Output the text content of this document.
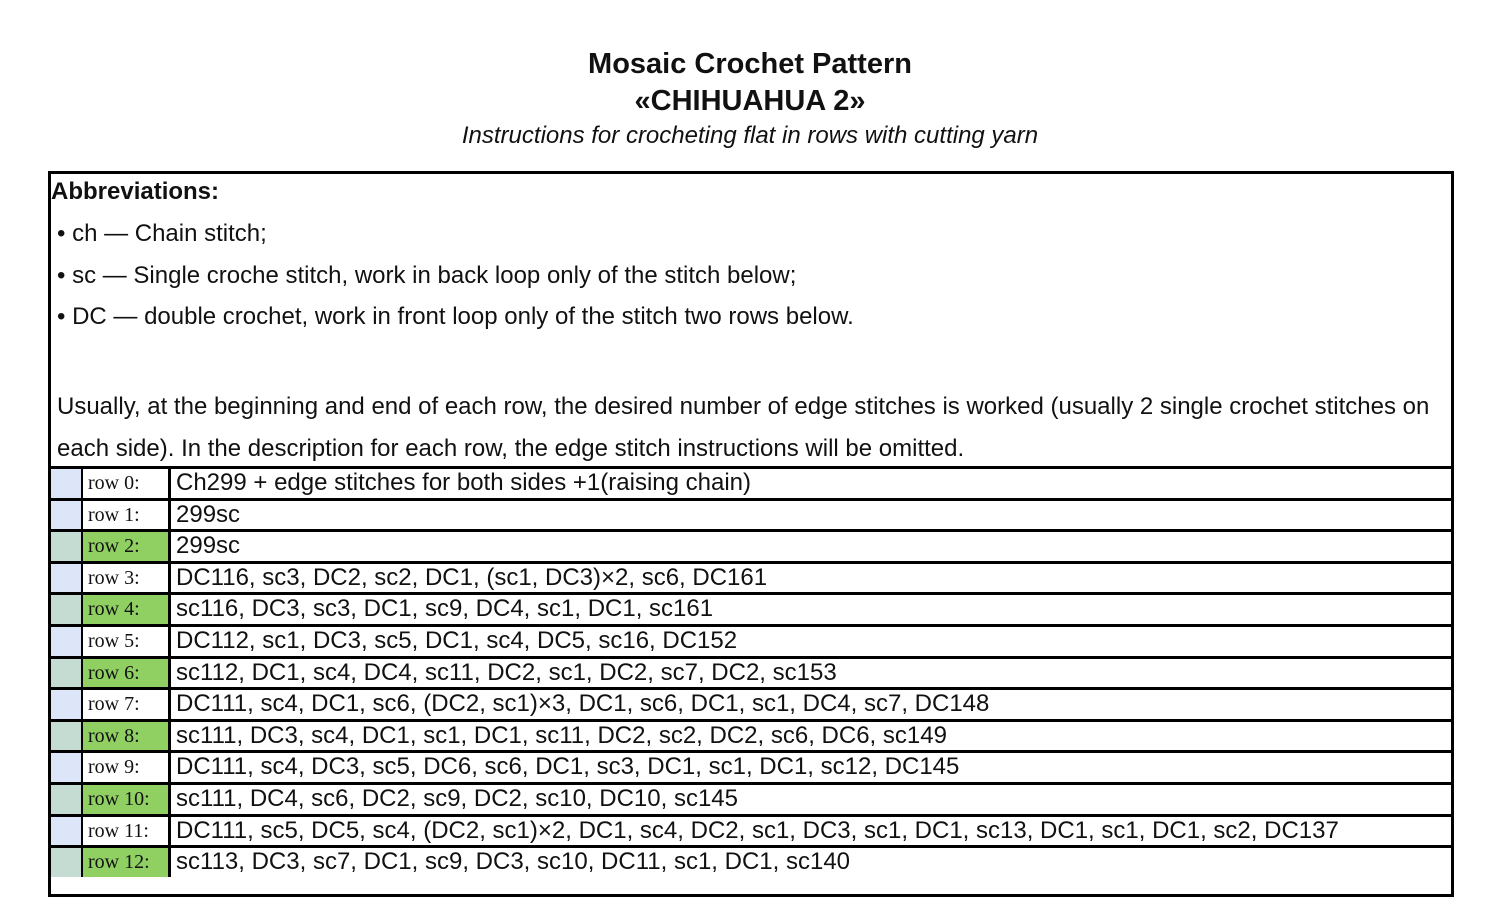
Mosaic Crochet Pattern
«CHIHUAHUA 2»
Instructions for crocheting flat in rows with cutting yarn
Abbreviations:
• ch — Chain stitch;
• sc — Single croche stitch, work in back loop only of the stitch below;
• DC — double crochet, work in front loop only of the stitch two rows below.
Usually, at the beginning and end of each row, the desired number of edge stitches is worked (usually 2 single crochet stitches on each side). In the description for each row, the edge stitch instructions will be omitted.
row 0:	Ch299 + edge stitches for both sides +1(raising chain)
row 1:	299sc
row 2:	299sc
row 3:	DC116, sc3, DC2, sc2, DC1, (sc1, DC3)×2, sc6, DC161
row 4:	sc116, DC3, sc3, DC1, sc9, DC4, sc1, DC1, sc161
row 5:	DC112, sc1, DC3, sc5, DC1, sc4, DC5, sc16, DC152
row 6:	sc112, DC1, sc4, DC4, sc11, DC2, sc1, DC2, sc7, DC2, sc153
row 7:	DC111, sc4, DC1, sc6, (DC2, sc1)×3, DC1, sc6, DC1, sc1, DC4, sc7, DC148
row 8:	sc111, DC3, sc4, DC1, sc1, DC1, sc11, DC2, sc2, DC2, sc6, DC6, sc149
row 9:	DC111, sc4, DC3, sc5, DC6, sc6, DC1, sc3, DC1, sc1, DC1, sc12, DC145
row 10:	sc111, DC4, sc6, DC2, sc9, DC2, sc10, DC10, sc145
row 11:	DC111, sc5, DC5, sc4, (DC2, sc1)×2, DC1, sc4, DC2, sc1, DC3, sc1, DC1, sc13, DC1, sc1, DC1, sc2, DC137
row 12:	sc113, DC3, sc7, DC1, sc9, DC3, sc10, DC11, sc1, DC1, sc140
